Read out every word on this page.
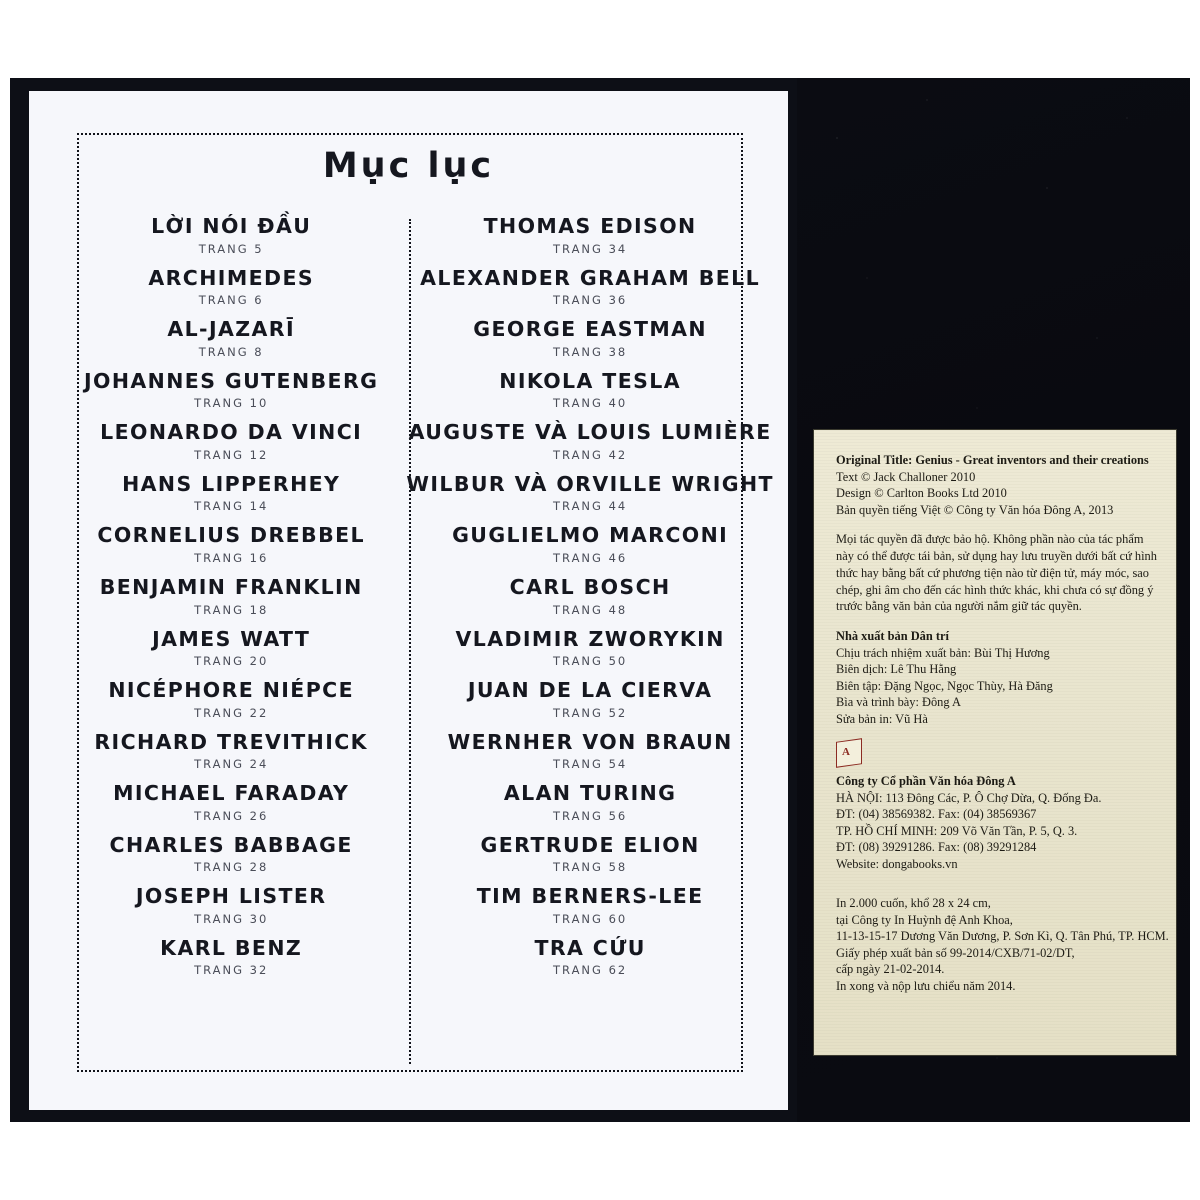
Mục lục
LỜI NÓI ĐẦU
TRANG 5
ARCHIMEDES
TRANG 6
AL-JAZARĪ
TRANG 8
JOHANNES GUTENBERG
TRANG 10
LEONARDO DA VINCI
TRANG 12
HANS LIPPERHEY
TRANG 14
CORNELIUS DREBBEL
TRANG 16
BENJAMIN FRANKLIN
TRANG 18
JAMES WATT
TRANG 20
NICÉPHORE NIÉPCE
TRANG 22
RICHARD TREVITHICK
TRANG 24
MICHAEL FARADAY
TRANG 26
CHARLES BABBAGE
TRANG 28
JOSEPH LISTER
TRANG 30
KARL BENZ
TRANG 32
THOMAS EDISON
TRANG 34
ALEXANDER GRAHAM BELL
TRANG 36
GEORGE EASTMAN
TRANG 38
NIKOLA TESLA
TRANG 40
AUGUSTE VÀ LOUIS LUMIÈRE
TRANG 42
WILBUR VÀ ORVILLE WRIGHT
TRANG 44
GUGLIELMO MARCONI
TRANG 46
CARL BOSCH
TRANG 48
VLADIMIR ZWORYKIN
TRANG 50
JUAN DE LA CIERVA
TRANG 52
WERNHER VON BRAUN
TRANG 54
ALAN TURING
TRANG 56
GERTRUDE ELION
TRANG 58
TIM BERNERS-LEE
TRANG 60
TRA CỨU
TRANG 62
Original Title: Genius - Great inventors and their creations
Text © Jack Challoner 2010
Design © Carlton Books Ltd 2010
Bản quyền tiếng Việt © Công ty Văn hóa Đông A, 2013
Mọi tác quyền đã được bảo hộ. Không phần nào của tác phẩm này có thể được tái bản, sử dụng hay lưu truyền dưới bất cứ hình thức hay bằng bất cứ phương tiện nào từ điện tử, máy móc, sao chép, ghi âm cho đến các hình thức khác, khi chưa có sự đồng ý trước bằng văn bản của người nắm giữ tác quyền.
Nhà xuất bản Dân trí
Chịu trách nhiệm xuất bản: Bùi Thị Hương
Biên dịch: Lê Thu Hằng
Biên tập: Đặng Ngọc, Ngọc Thùy, Hà Đăng
Bìa và trình bày: Đông A
Sửa bản in: Vũ Hà
A
Công ty Cổ phần Văn hóa Đông A
HÀ NỘI: 113 Đông Các, P. Ô Chợ Dừa, Q. Đống Đa.
ĐT: (04) 38569382. Fax: (04) 38569367
TP. HỒ CHÍ MINH: 209 Võ Văn Tần, P. 5, Q. 3.
ĐT: (08) 39291286. Fax: (08) 39291284
Website: dongabooks.vn
In 2.000 cuốn, khổ 28 x 24 cm,
tại Công ty In Huỳnh đệ Anh Khoa,
11-13-15-17 Dương Văn Dương, P. Sơn Kì, Q. Tân Phú, TP. HCM.
Giấy phép xuất bản số 99-2014/CXB/71-02/DT,
cấp ngày 21-02-2014.
In xong và nộp lưu chiểu năm 2014.
